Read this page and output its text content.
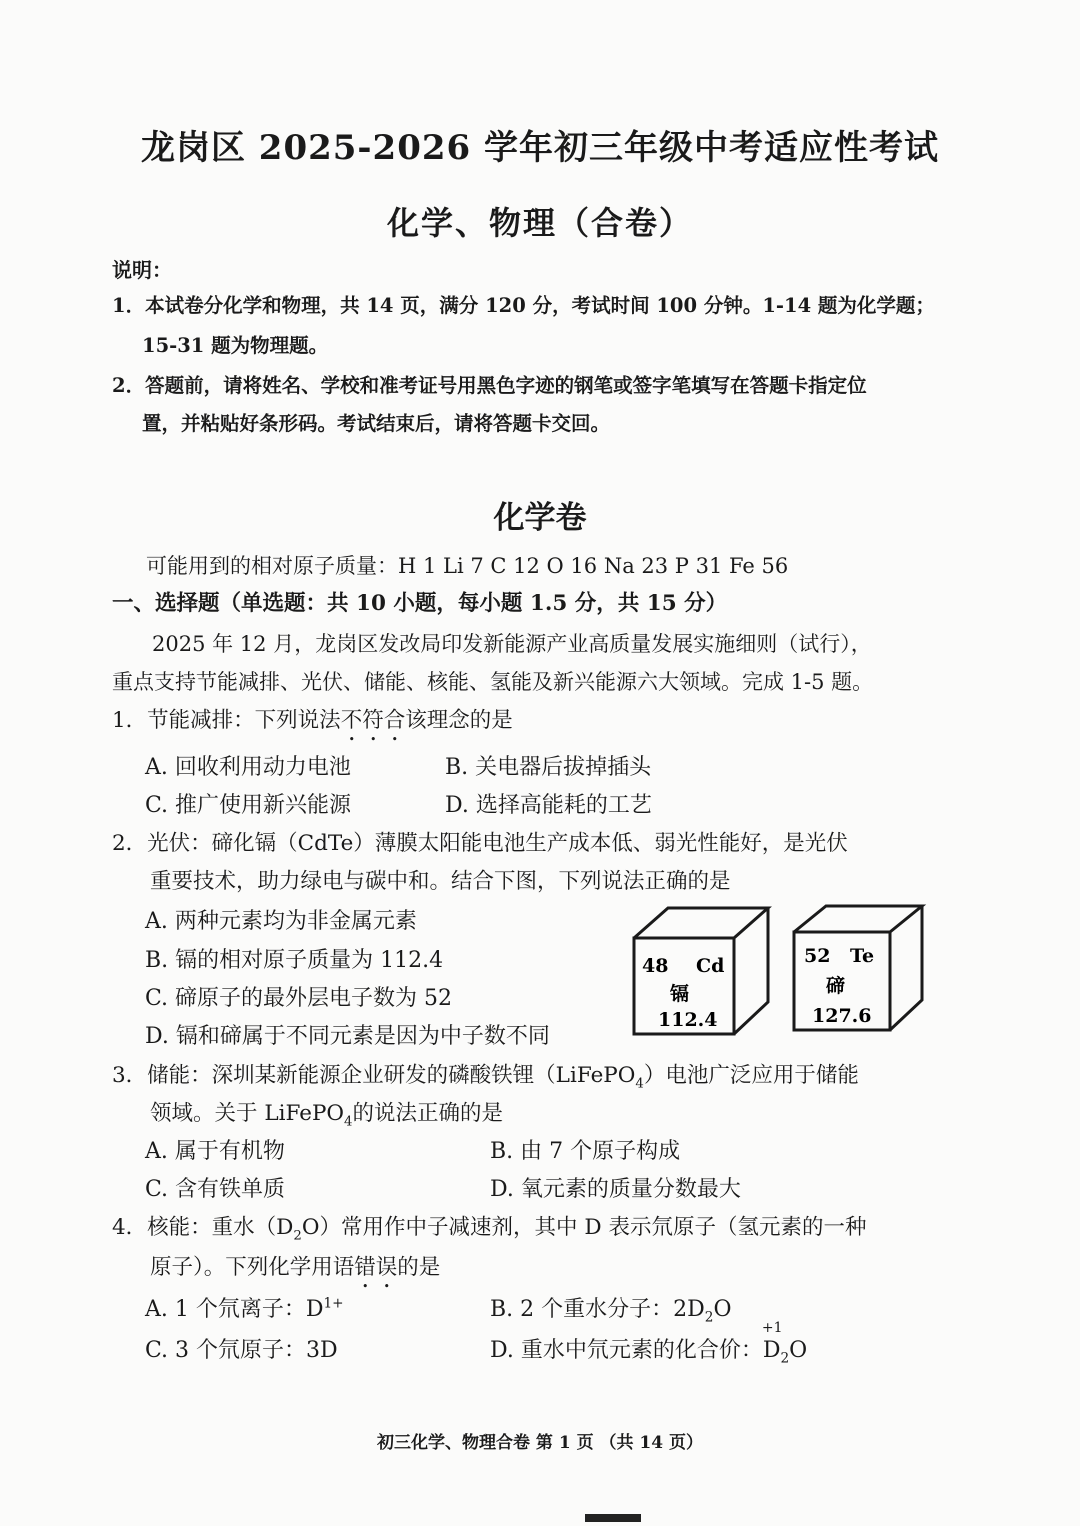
龙岗区 2025-2026 学年初三年级中考适应性考试
化学、物理（合卷）
说明：
1．本试卷分化学和物理，共 14 页，满分 120 分，考试时间 100 分钟。1-14 题为化学题；
15-31 题为物理题。
2．答题前，请将姓名、学校和准考证号用黑色字迹的钢笔或签字笔填写在答题卡指定位
置，并粘贴好条形码。考试结束后，请将答题卡交回。
化学卷
可能用到的相对原子质量：H 1 Li 7 C 12 O 16 Na 23 P 31 Fe 56
一、选择题（单选题：共 10 小题，每小题 1.5 分，共 15 分）
2025 年 12 月，龙岗区发改局印发新能源产业高质量发展实施细则（试行），
重点支持节能减排、光伏、储能、核能、氢能及新兴能源六大领域。完成 1-5 题。
1．节能减排：下列说法不符合该理念的是
A. 回收利用动力电池	B. 关电器后拔掉插头
C. 推广使用新兴能源	D. 选择高能耗的工艺
2．光伏：碲化镉（CdTe）薄膜太阳能电池生产成本低、弱光性能好，是光伏
重要技术，助力绿电与碳中和。结合下图，下列说法正确的是
A. 两种元素均为非金属元素
B. 镉的相对原子质量为 112.4
C. 碲原子的最外层电子数为 52
D. 镉和碲属于不同元素是因为中子数不同
48 Cd
镉
112.4
52 Te
碲
127.6
3．储能：深圳某新能源企业研发的磷酸铁锂（LiFePO$_4$）电池广泛应用于储能
领域。关于 LiFePO$_4$的说法正确的是
A. 属于有机物	B. 由 7 个原子构成
C. 含有铁单质	D. 氧元素的质量分数最大
4．核能：重水$(D_2O)$常用作中子减速剂，其中 D 表示氘原子（氢元素的一种
原子）。下列化学用语错误的是
A. 1 个氘离子：$D^{1+}$	B. 2 个重水分子：$2D_2O$
C. 3 个氘原子：3D	D. 重水中氘元素的化合价：
+1
$D_2O$
初三化学、物理合卷 第 1 页 （共 14 页）
